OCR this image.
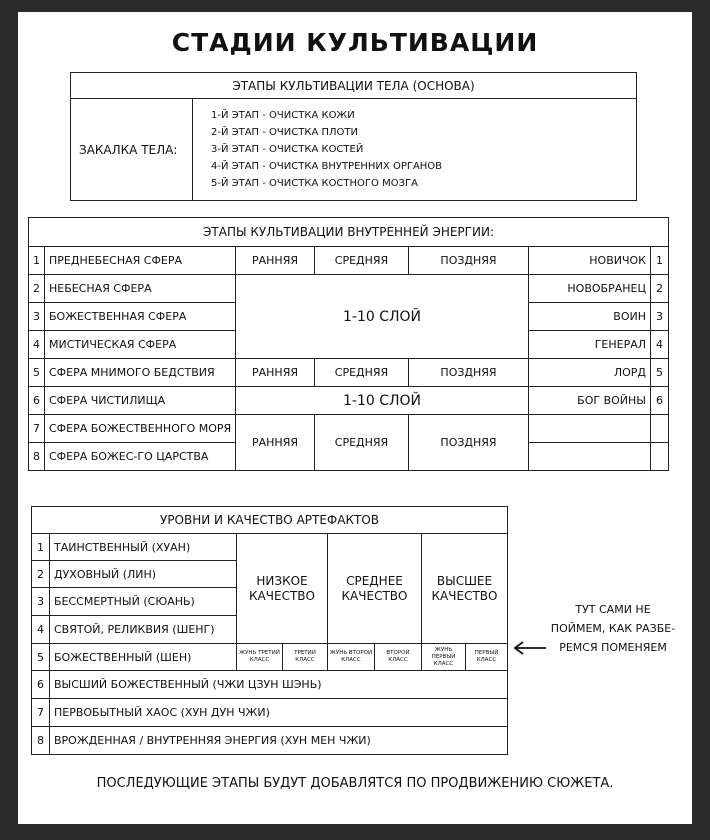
СТАДИИ КУЛЬТИВАЦИИ
ЭТАПЫ КУЛЬТИВАЦИИ ТЕЛА (ОСНОВА)
ЗАКАЛКА ТЕЛА:	
1-Й ЭТАП - ОЧИСТКА КОЖИ
2-Й ЭТАП - ОЧИСТКА ПЛОТИ
3-Й ЭТАП - ОЧИСТКА КОСТЕЙ
4-Й ЭТАП - ОЧИСТКА ВНУТРЕННИХ ОРГАНОВ
5-Й ЭТАП - ОЧИСТКА КОСТНОГО МОЗГА
ЭТАПЫ КУЛЬТИВАЦИИ ВНУТРЕННЕЙ ЭНЕРГИИ:						
1	ПРЕДНЕБЕСНАЯ СФЕРА	РАННЯЯ	СРЕДНЯЯ	ПОЗДНЯЯ	НОВИЧОК	1
2	НЕБЕСНАЯ СФЕРА	1-10 СЛОЙ			НОВОБРАНЕЦ	2
3	БОЖЕСТВЕННАЯ СФЕРА				ВОИН	3
4	МИСТИЧЕСКАЯ СФЕРА				ГЕНЕРАЛ	4
5	СФЕРА МНИМОГО БЕДСТВИЯ	РАННЯЯ	СРЕДНЯЯ	ПОЗДНЯЯ	ЛОРД	5
6	СФЕРА ЧИСТИЛИЩА	1-10 СЛОЙ			БОГ ВОЙНЫ	6
7	СФЕРА БОЖЕСТВЕННОГО МОРЯ	РАННЯЯ	СРЕДНЯЯ	ПОЗДНЯЯ		
8	СФЕРА БОЖЕС-ГО ЦАРСТВА					
УРОВНИ И КАЧЕСТВО АРТЕФАКТОВ							
1	ТАИНСТВЕННЫЙ (ХУАН)	НИЗКОЕ КАЧЕСТВО		СРЕДНЕЕ КАЧЕСТВО		ВЫСШЕЕ КАЧЕСТВО	
2	ДУХОВНЫЙ (ЛИН)						
3	БЕССМЕРТНЫЙ (СЮАНЬ)						
4	СВЯТОЙ, РЕЛИКВИЯ (ШЕНГ)						
5	БОЖЕСТВЕННЫЙ (ШЕН)	ЖУНЬ ТРЕТИЙ КЛАСС	ТРЕТИЙ КЛАСС	ЖУНЬ ВТОРОЙ КЛАСС	ВТОРОЙ КЛАСС	ЖУНЬ ПЕРВЫЙ КЛАСС	ПЕРВЫЙ КЛАСС
6	ВЫСШИЙ БОЖЕСТВЕННЫЙ (ЧЖИ ЦЗУН ШЭНЬ)						
7	ПЕРВОБЫТНЫЙ ХАОС (ХУН ДУН ЧЖИ)						
8	ВРОЖДЕННАЯ / ВНУТРЕННЯЯ ЭНЕРГИЯ (ХУН МЕН ЧЖИ)						
ТУТ САМИ НЕ
ПОЙМЕМ, КАК РАЗБЕ-
РЕМСЯ ПОМЕНЯЕМ
ПОСЛЕДУЮЩИЕ ЭТАПЫ БУДУТ ДОБАВЛЯТСЯ ПО ПРОДВИЖЕНИЮ СЮЖЕТА.
